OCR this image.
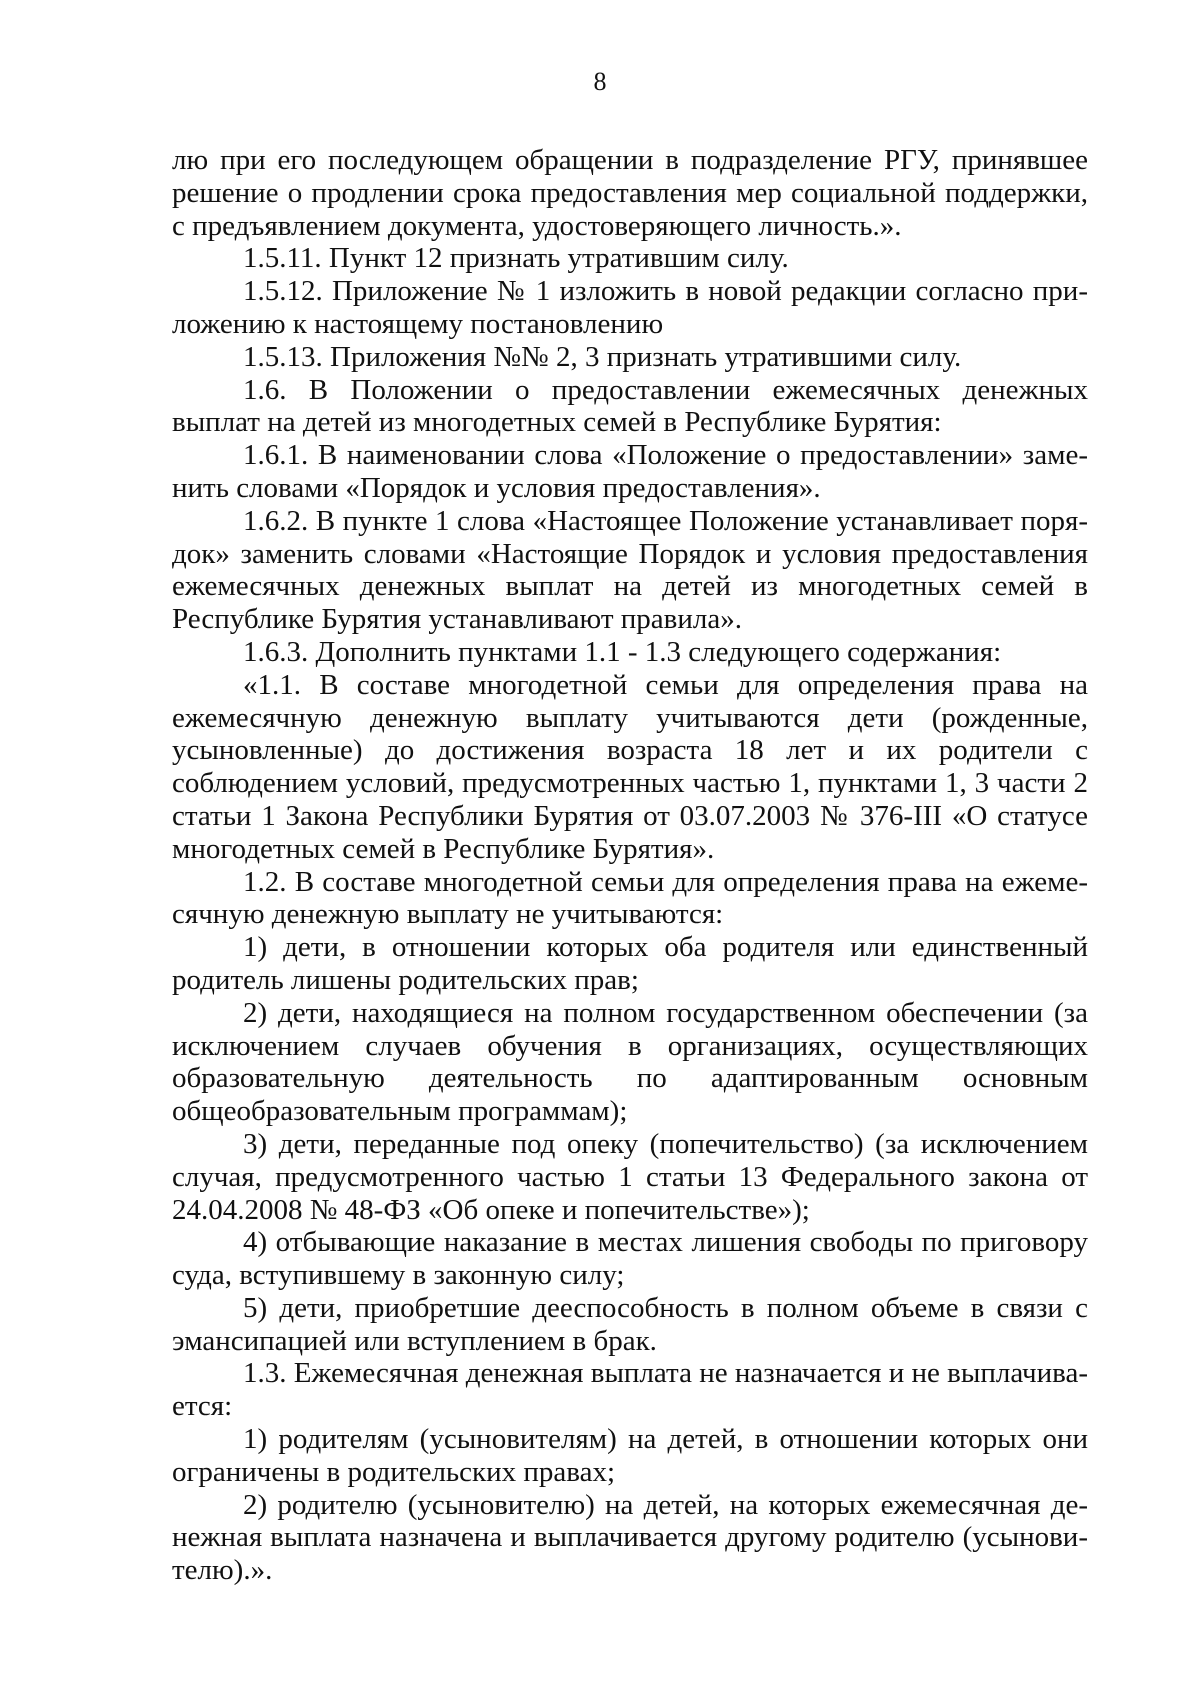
8

лю при его последующем обращении в подразделение РГУ, принявшее решение о продлении срока предоставления мер социальной поддержки, с предъявлением документа, удостоверяющего личность.».

1.5.11. Пункт 12 признать утратившим силу.

1.5.12. Приложение № 1 изложить в новой редакции согласно приложению к настоящему постановлению

1.5.13. Приложения №№ 2, 3 признать утратившими силу.

1.6. В Положении о предоставлении ежемесячных денежных выплат на детей из многодетных семей в Республике Бурятия:

1.6.1. В наименовании слова «Положение о предоставлении» заменить словами «Порядок и условия предоставления».

1.6.2. В пункте 1 слова «Настоящее Положение устанавливает порядок» заменить словами «Настоящие Порядок и условия предоставления ежемесячных денежных выплат на детей из многодетных семей в Республике Бурятия устанавливают правила».

1.6.3. Дополнить пунктами 1.1 - 1.3 следующего содержания:

«1.1. В составе многодетной семьи для определения права на ежемесячную денежную выплату учитываются дети (рожденные, усыновленные) до достижения возраста 18 лет и их родители с соблюдением условий, предусмотренных частью 1, пунктами 1, 3 части 2 статьи 1 Закона Республики Бурятия от 03.07.2003 № 376-III «О статусе многодетных семей в Республике Бурятия».

1.2. В составе многодетной семьи для определения права на ежемесячную денежную выплату не учитываются:

1) дети, в отношении которых оба родителя или единственный родитель лишены родительских прав;

2) дети, находящиеся на полном государственном обеспечении (за исключением случаев обучения в организациях, осуществляющих образовательную деятельность по адаптированным основным общеобразовательным программам);

3) дети, переданные под опеку (попечительство) (за исключением случая, предусмотренного частью 1 статьи 13 Федерального закона от 24.04.2008 № 48-ФЗ «Об опеке и попечительстве»);

4) отбывающие наказание в местах лишения свободы по приговору суда, вступившему в законную силу;

5) дети, приобретшие дееспособность в полном объеме в связи с эмансипацией или вступлением в брак.

1.3. Ежемесячная денежная выплата не назначается и не выплачивается:

1) родителям (усыновителям) на детей, в отношении которых они ограничены в родительских правах;

2) родителю (усыновителю) на детей, на которых ежемесячная денежная выплата назначена и выплачивается другому родителю (усыновителю).».
